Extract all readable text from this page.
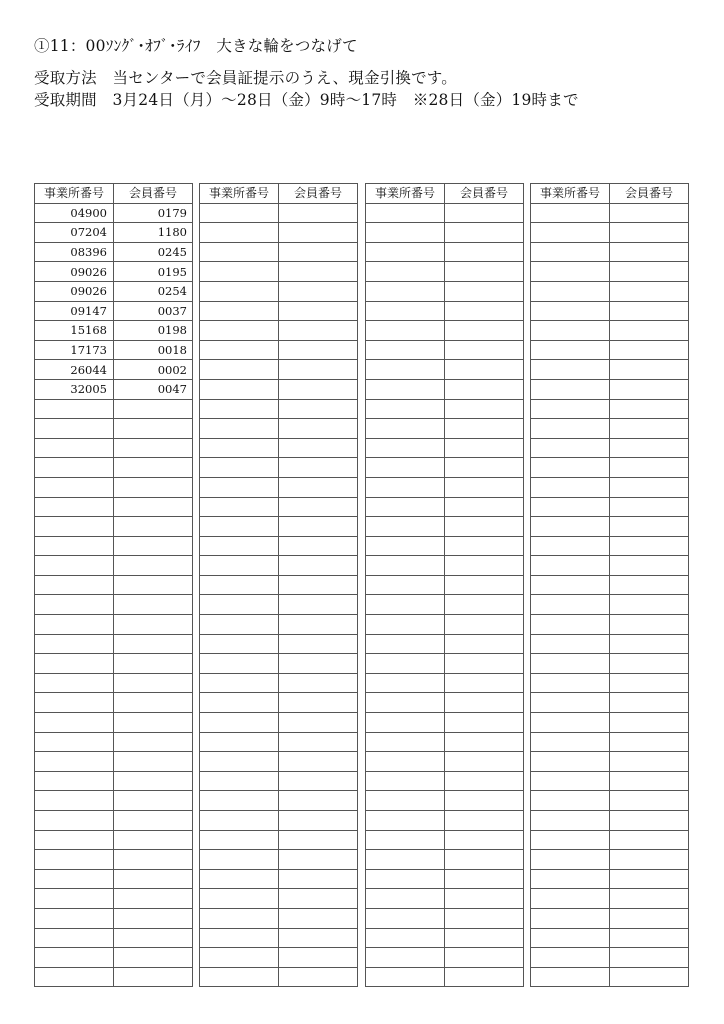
①11：00ｿﾝｸﾞ･ｵﾌﾞ･ﾗｲﾌ　大きな輪をつなげて
受取方法　当センターで会員証提示のうえ、現金引換です。
受取期間　3月24日（月）～28日（金）9時～17時　※28日（金）19時まで
事業所番号	会員番号
04900	0179
07204	1180
08396	0245
09026	0195
09026	0254
09147	0037
15168	0198
17173	0018
26044	0002
32005	0047

事業所番号	会員番号

		事業所番号	会員番号

		事業所番号	会員番号
